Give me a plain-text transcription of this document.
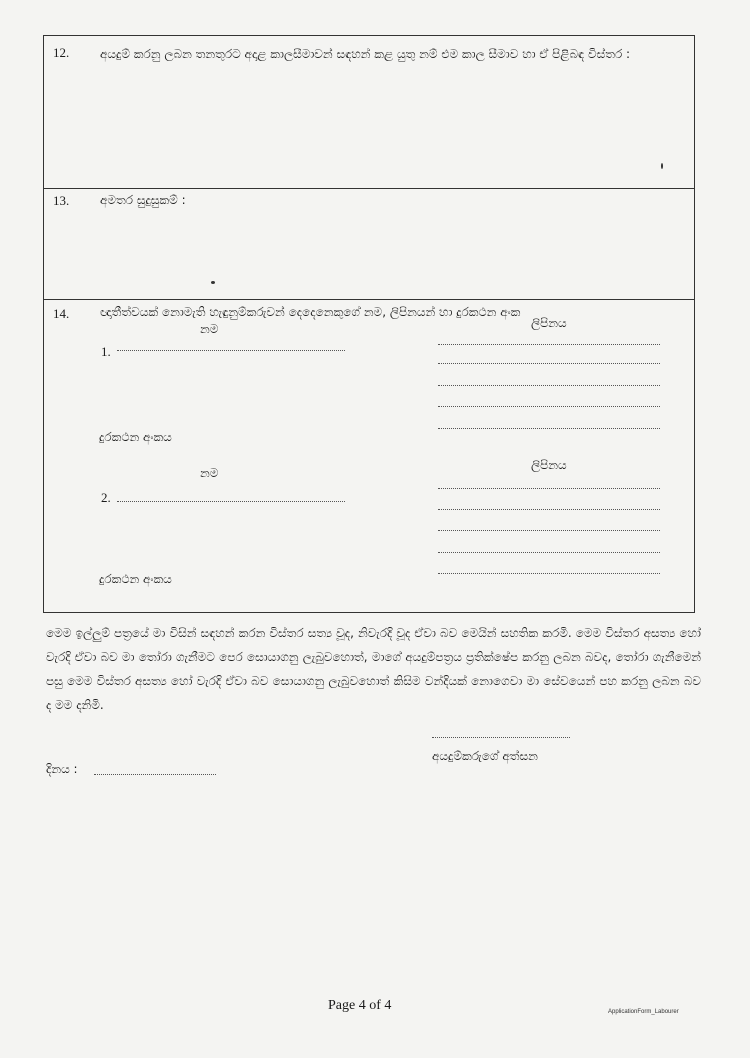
12.	අයදුම් කරනු ලබන තනතුරට අදාළ කාලසීමාවන් සඳහන් කළ යුතු නම් එම කාල සීමාව හා ඒ පිළිබඳ විස්තර :
13.	අමතර සුදුසුකම් :
14.	ඥාතීත්වයක් නොමැති හැඳුනුම්කරුවන් දෙදෙනෙකුගේ නම, ලිපිනයන් හා දුරකථන අංක
නම	ලිපිනය
1.
දුරකථන අංකය
ලිපිනය
නම
2.
දුරකථන අංකය

මෙම ඉල්ලුම් පත්‍රයේ මා විසින් සඳහන් කරන විස්තර සත්‍ය වූද, නිවැරදි වූද ඒවා බව මෙයින් සහතික කරමි. මෙම විස්තර අසත්‍ය හෝ වැරදි ඒවා බව මා තෝරා ගැනීමට පෙර සොයාගනු ලැබුවහොත්, මාගේ අයදුම්පත්‍රය ප්‍රතික්ෂේප කරනු ලබන බවද, තෝරා ගැනීමෙන් පසු මෙම විස්තර අසත්‍ය හෝ වැරදි ඒවා බව සොයාගනු ලැබුවහොත් කිසිම වන්දියක් නොගෙවා මා සේවයෙන් පහ කරනු ලබන බව ද මම දනිමි.

අයදුම්කරුගේ අත්සන
දිනය :
Page 4 of 4	ApplicationForm_Labourer
